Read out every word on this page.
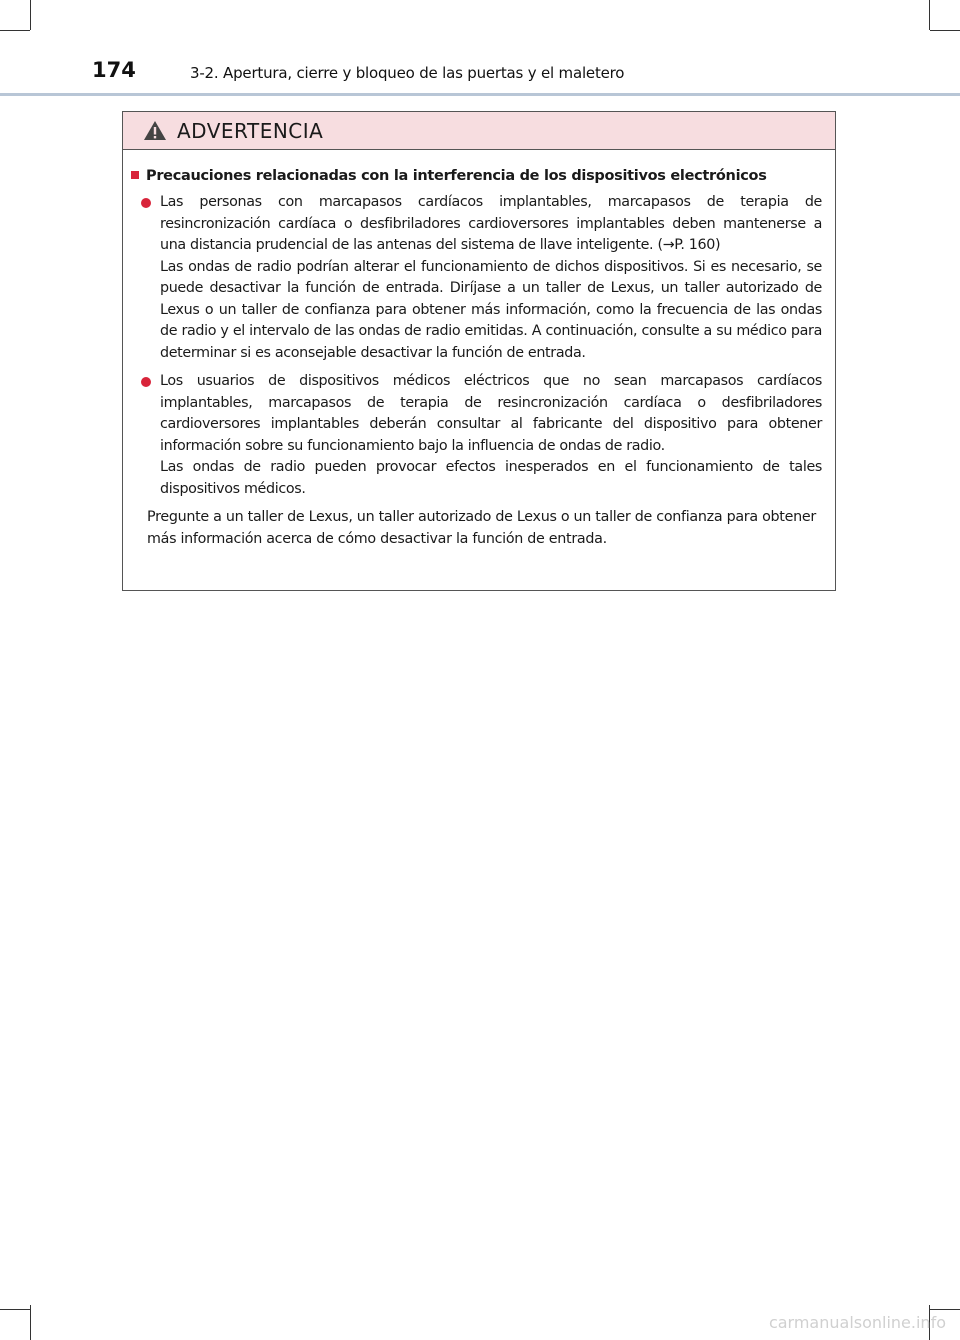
174	3-2. Apertura, cierre y bloqueo de las puertas y el maletero
ADVERTENCIA
Precauciones relacionadas con la interferencia de los dispositivos electrónicos

Las personas con marcapasos cardíacos implantables, marcapasos de terapia de resincronización cardíaca o desfibriladores cardioversores implantables deben mantenerse a una distancia prudencial de las antenas del sistema de llave inteligente. (→P. 160)

Las ondas de radio podrían alterar el funcionamiento de dichos dispositivos. Si es necesario, se puede desactivar la función de entrada. Diríjase a un taller de Lexus, un taller autorizado de Lexus o un taller de confianza para obtener más información, como la frecuencia de las ondas de radio y el intervalo de las ondas de radio emitidas. A continuación, consulte a su médico para determinar si es aconsejable desactivar la función de entrada.

Los usuarios de dispositivos médicos eléctricos que no sean marcapasos cardíacos implantables, marcapasos de terapia de resincronización cardíaca o desfibriladores cardioversores implantables deberán consultar al fabricante del dispositivo para obtener información sobre su funcionamiento bajo la influencia de ondas de radio.

Las ondas de radio pueden provocar efectos inesperados en el funcionamiento de tales dispositivos médicos.

Pregunte a un taller de Lexus, un taller autorizado de Lexus o un taller de confianza para obtener más información acerca de cómo desactivar la función de entrada.
carmanualsonline.info
